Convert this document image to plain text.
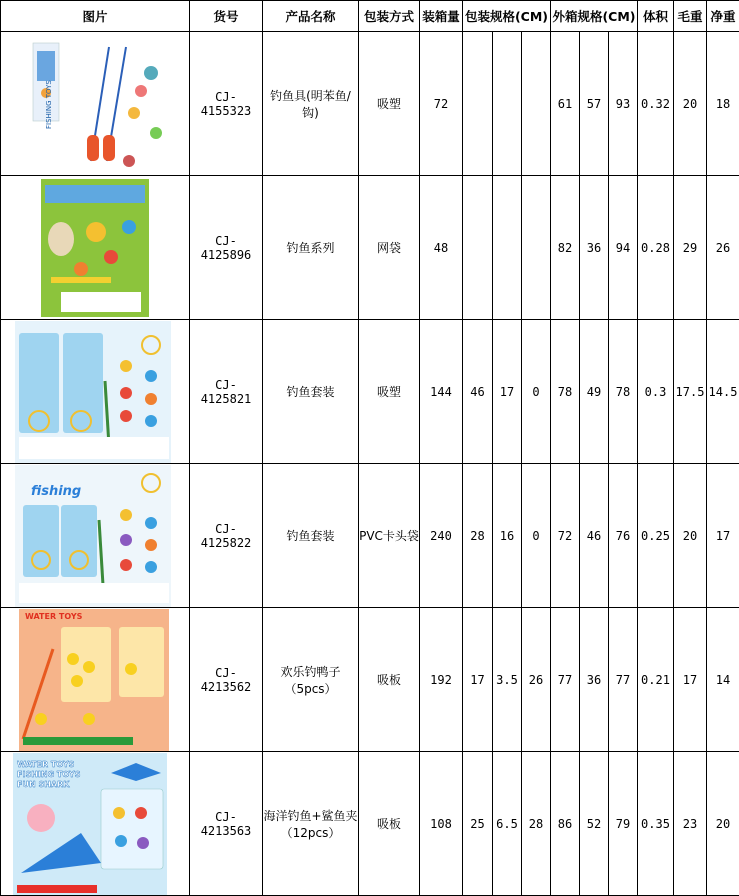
图片	货号	产品名称	包装方式	装箱量	包装规格(CM)			外箱规格(CM)			体积	毛重	净重

FISHING TOYS	CJ-4155323	钓鱼具(明苯鱼/钩)	吸塑	72				61	57	93	0.32	20	18

	CJ-4125896	钓鱼系列	网袋	48				82	36	94	0.28	29	26

	CJ-4125821	钓鱼套装	吸塑	144	46	17	0	78	49	78	0.3	17.5	14.5

fishing	CJ-4125822	钓鱼套装	PVC卡头袋	240	28	16	0	72	46	76	0.25	20	17

WATER TOYS	CJ-4213562	欢乐钓鸭子（5pcs）	吸板	192	17	3.5	26	77	36	77	0.21	17	14

WATER TOYS
FISHING TOYS
FUN SHARK	CJ-4213563	海洋钓鱼+鲨鱼夹（12pcs）	吸板	108	25	6.5	28	86	52	79	0.35	23	20
